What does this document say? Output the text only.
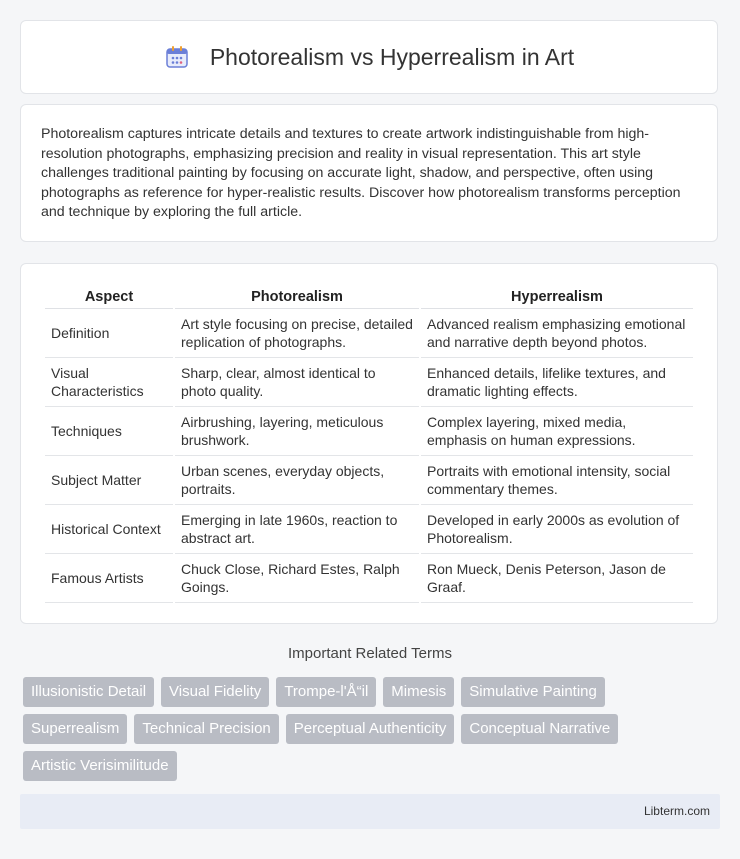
Photorealism vs Hyperrealism in Art

Photorealism captures intricate details and textures to create artwork indistinguishable from high-resolution photographs, emphasizing precision and reality in visual representation. This art style challenges traditional painting by focusing on accurate light, shadow, and perspective, often using photographs as reference for hyper-realistic results. Discover how photorealism transforms perception and technique by exploring the full article.

Aspect	Photorealism	Hyperrealism
Definition	Art style focusing on precise, detailed replication of photographs.	Advanced realism emphasizing emotional and narrative depth beyond photos.
Visual Characteristics	Sharp, clear, almost identical to photo quality.	Enhanced details, lifelike textures, and dramatic lighting effects.
Techniques	Airbrushing, layering, meticulous brushwork.	Complex layering, mixed media, emphasis on human expressions.
Subject Matter	Urban scenes, everyday objects, portraits.	Portraits with emotional intensity, social commentary themes.
Historical Context	Emerging in late 1960s, reaction to abstract art.	Developed in early 2000s as evolution of Photorealism.
Famous Artists	Chuck Close, Richard Estes, Ralph Goings.	Ron Mueck, Denis Peterson, Jason de Graaf.
Important Related Terms
Illusionistic Detail	Visual Fidelity	Trompe-l'Å“il	Mimesis	Simulative Painting
Superrealism	Technical Precision	Perceptual Authenticity	Conceptual Narrative
Artistic Verisimilitude
Libterm.com
